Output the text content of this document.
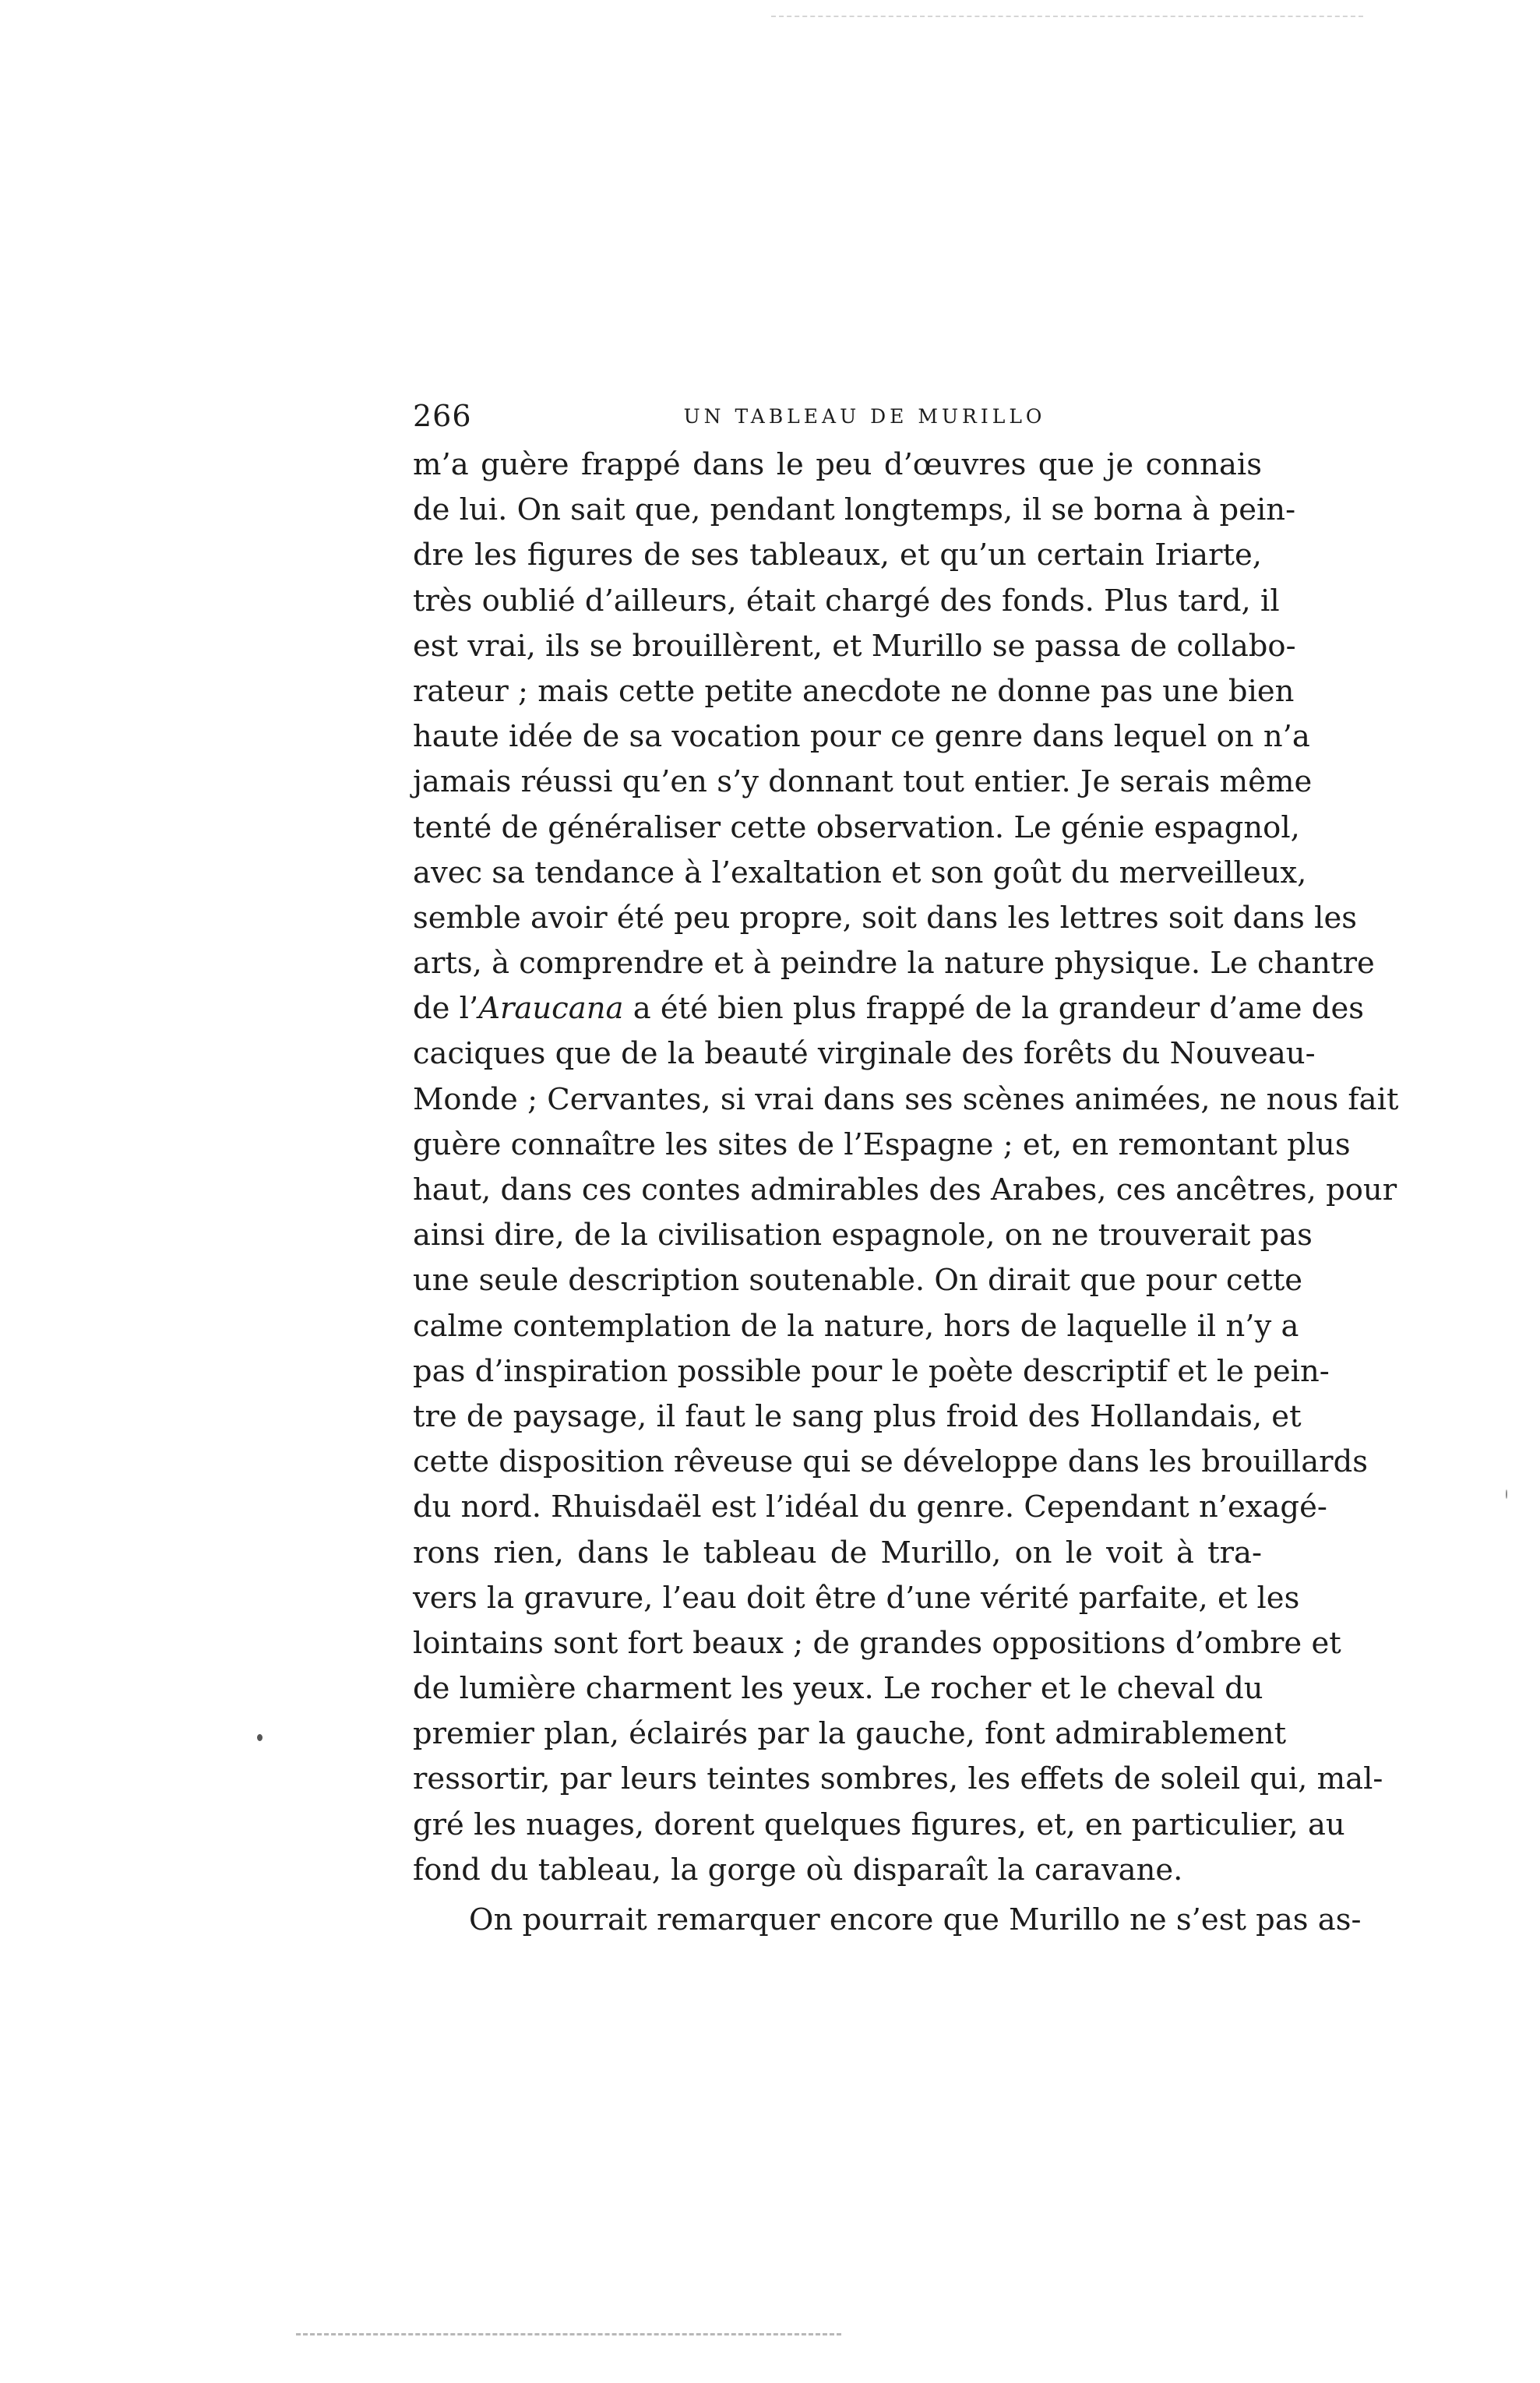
266	UN TABLEAU DE MURILLO
m’a guère frappé dans le peu d’œuvres que je connais
de lui. On sait que, pendant longtemps, il se borna à pein-
dre les figures de ses tableaux, et qu’un certain Iriarte,
très oublié d’ailleurs, était chargé des fonds. Plus tard, il
est vrai, ils se brouillèrent, et Murillo se passa de collabo-
rateur ; mais cette petite anecdote ne donne pas une bien
haute idée de sa vocation pour ce genre dans lequel on n’a
jamais réussi qu’en s’y donnant tout entier. Je serais même
tenté de généraliser cette observation. Le génie espagnol,
avec sa tendance à l’exaltation et son goût du merveilleux,
semble avoir été peu propre, soit dans les lettres soit dans les
arts, à comprendre et à peindre la nature physique. Le chantre
de l’Araucana a été bien plus frappé de la grandeur d’ame des
caciques que de la beauté virginale des forêts du Nouveau-
Monde ; Cervantes, si vrai dans ses scènes animées, ne nous fait
guère connaître les sites de l’Espagne ; et, en remontant plus
haut, dans ces contes admirables des Arabes, ces ancêtres, pour
ainsi dire, de la civilisation espagnole, on ne trouverait pas
une seule description soutenable. On dirait que pour cette
calme contemplation de la nature, hors de laquelle il n’y a
pas d’inspiration possible pour le poète descriptif et le pein-
tre de paysage, il faut le sang plus froid des Hollandais, et
cette disposition rêveuse qui se développe dans les brouillards
du nord. Rhuisdaël est l’idéal du genre. Cependant n’exagé-
rons rien, dans le tableau de Murillo, on le voit à tra-
vers la gravure, l’eau doit être d’une vérité parfaite, et les
lointains sont fort beaux ; de grandes oppositions d’ombre et
de lumière charment les yeux. Le rocher et le cheval du
premier plan, éclairés par la gauche, font admirablement
ressortir, par leurs teintes sombres, les effets de soleil qui, mal-
gré les nuages, dorent quelques figures, et, en particulier, au
fond du tableau, la gorge où disparaît la caravane.
On pourrait remarquer encore que Murillo ne s’est pas as-
